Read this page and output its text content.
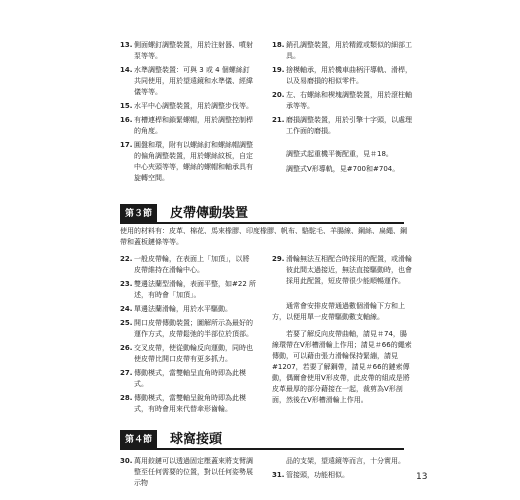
13. 側面螺釘調整裝置，用於注射器、噴射泵等等。
14. 水準調整裝置：可與 3 或 4 個螺絲釘共同使用，用於望遠鏡和水準儀、經緯儀等等。
15. 水平中心調整裝置，用於調整步伐等。
16. 有槽連桿和鎖緊螺帽，用於調整控制桿的角度。
17. 圓盤和環，附有以螺絲釘和螺絲帽調整的偏角調整裝置，用於螺絲紋板，自定中心夾頭等等，螺絲的螺帽和軸承具有旋轉空間。
18. 銷孔調整裝置，用於精鏜或類似的細部工具。
19. 捨模軸承，用於機車曲柄汗導軌、滑桿，以及易磨損的相似零件。
20. 左、右螺絲和楔塊調整裝置，用於滾柱軸承等等。
21. 磨損調整裝置，用於引擎十字頭，以處理工作面的磨損。

調整式起重機平衡配重，見＃18。

調整式V形導軌，見#700和#704。

第３節	皮帶傳動裝置

使用的材料有：皮革、棉花、馬來橡膠、印度橡膠、帆布、駱駝毛、羊腸線、鋼絲、扁繩、鋼帶和蓋板鏈條等等。

22. 一般皮帶輪，在表面上「加頂」，以將皮帶維持在滑輪中心。
23. 雙邊法蘭型滑輪，表面平整，如#22 所述，有時會「加頂」。
24. 單邊法蘭滑輪，用於水平驅動。
25. 開口皮帶傳動裝置；圖解所示為最好的運作方式，皮帶鬆弛的半部位於頂部。
26. 交叉皮帶，使從動輪反向運動，同時也使皮帶比開口皮帶有更多抓力。
27. 傳動模式，當雙軸呈直角時即為此模式。
28. 傳動模式，當雙軸呈銳角時即為此模式，有時會用來代替傘形齒輪。
29. 滑輪無法互相配合時採用的配置，或滑輪彼此間太過接近，無法直接驅動時，也會採用此配置，短皮帶很少能順暢運作。

通常會安排皮帶通過數個滑輪下方和上方，以便用單一皮帶驅動數支軸線。

若要了解反向皮帶曲軸，請見＃74，腸線環帶在V形槽滑輪上作用；請見＃66的繩索傳動，可以藉由張力滑輪保持緊繃，請見#1207，若要了解鋼帶，請見＃66的鏈索傳動，偶爾會使用V形皮帶，此皮帶的組成是將皮革最厚的部分藉接在一起，裁剪為V形剖面，然後在V形槽滑輪上作用。

第４節	球窩接頭
30. 萬用鉸鏈可以透過固定壓蓋來將支臂調整至任何需要的位置，對以任何姿勢展示物

品的支架，望遠鏡等而言，十分實用。

31. 管接頭，功能相似。	13
